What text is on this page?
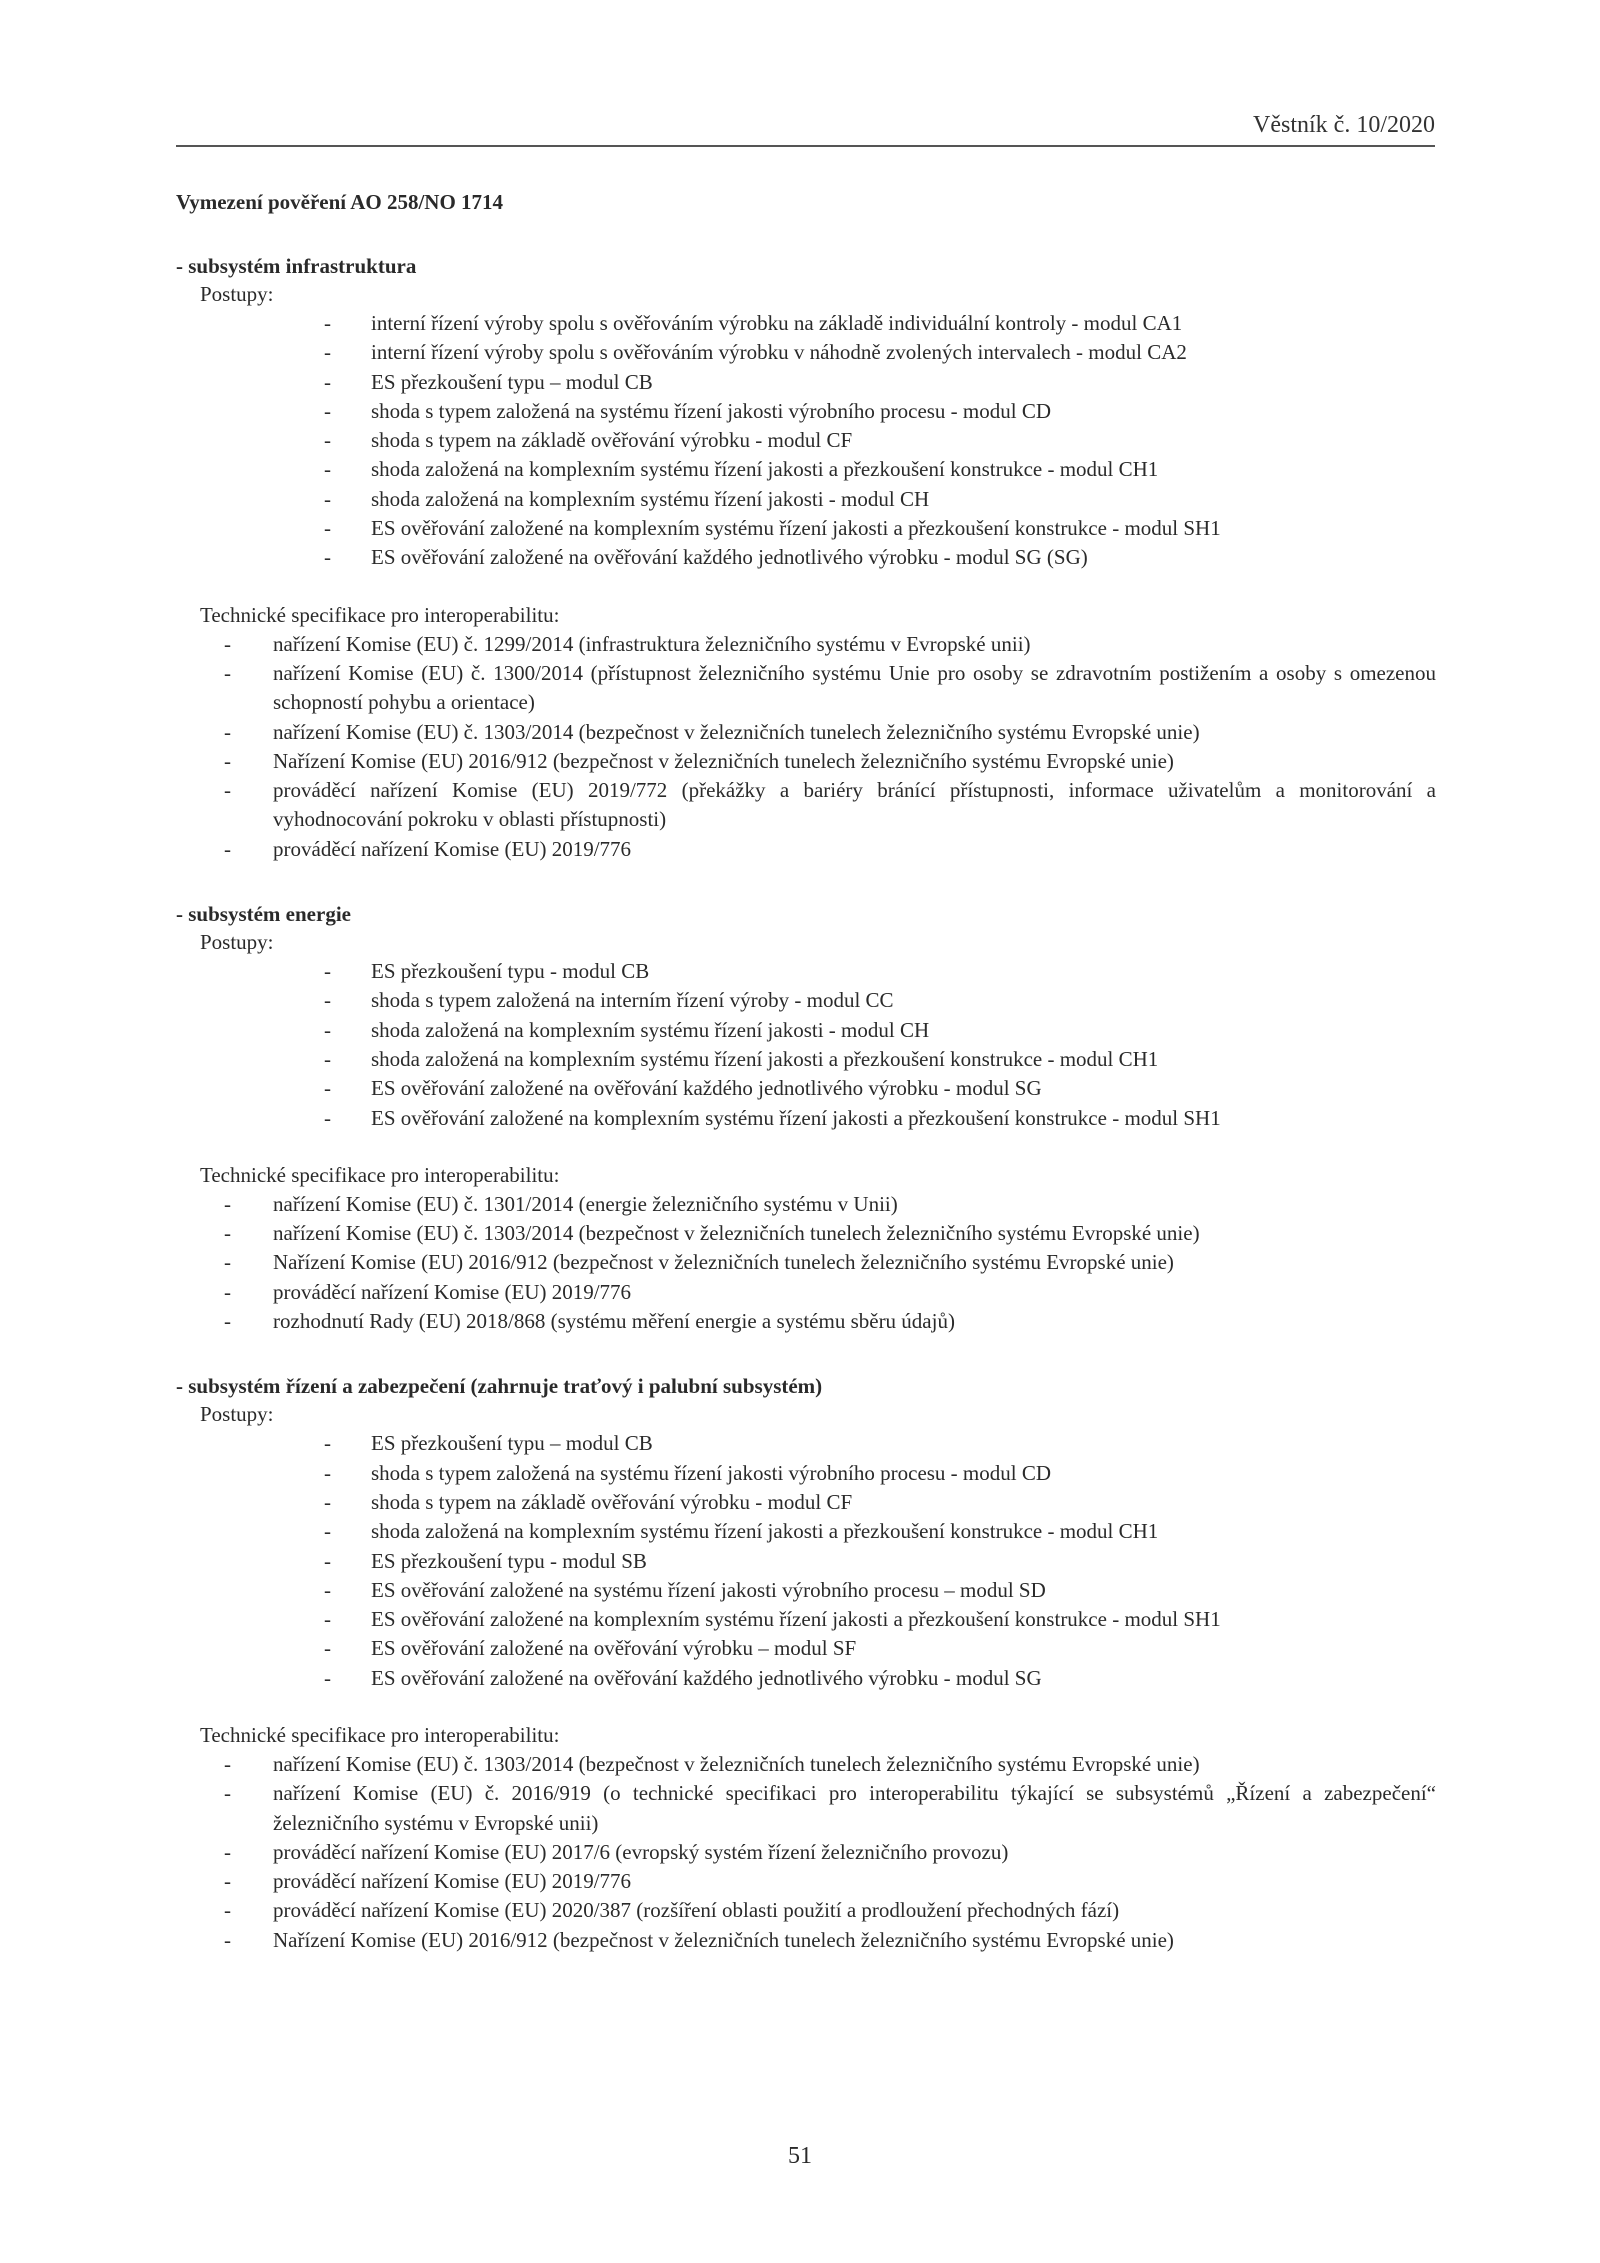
Věstník č. 10/2020
Vymezení pověření AO 258/NO 1714
- subsystém infrastruktura
Postupy:
- interní řízení výroby spolu s ověřováním výrobku na základě individuální kontroly - modul CA1
- interní řízení výroby spolu s ověřováním výrobku v náhodně zvolených intervalech - modul CA2
- ES přezkoušení typu – modul CB
- shoda s typem založená na systému řízení jakosti výrobního procesu - modul CD
- shoda s typem na základě ověřování výrobku - modul CF
- shoda založená na komplexním systému řízení jakosti a přezkoušení konstrukce - modul CH1
- shoda založená na komplexním systému řízení jakosti - modul CH
- ES ověřování založené na komplexním systému řízení jakosti a přezkoušení konstrukce - modul SH1
- ES ověřování založené na ověřování každého jednotlivého výrobku - modul SG (SG)
Technické specifikace pro interoperabilitu:
- nařízení Komise (EU) č. 1299/2014 (infrastruktura železničního systému v Evropské unii)
- nařízení Komise (EU) č. 1300/2014 (přístupnost železničního systému Unie pro osoby se zdravotním postižením a osoby s omezenou schopností pohybu a orientace)
- nařízení Komise (EU) č. 1303/2014 (bezpečnost v železničních tunelech železničního systému Evropské unie)
- Nařízení Komise (EU) 2016/912 (bezpečnost v železničních tunelech železničního systému Evropské unie)
- prováděcí nařízení Komise (EU) 2019/772 (překážky a bariéry bránící přístupnosti, informace uživatelům a monitorování a vyhodnocování pokroku v oblasti přístupnosti)
- prováděcí nařízení Komise (EU) 2019/776
- subsystém energie
Postupy:
- ES přezkoušení typu - modul CB
- shoda s typem založená na interním řízení výroby - modul CC
- shoda založená na komplexním systému řízení jakosti - modul CH
- shoda založená na komplexním systému řízení jakosti a přezkoušení konstrukce - modul CH1
- ES ověřování založené na ověřování každého jednotlivého výrobku - modul SG
- ES ověřování založené na komplexním systému řízení jakosti a přezkoušení konstrukce - modul SH1
Technické specifikace pro interoperabilitu:
- nařízení Komise (EU) č. 1301/2014 (energie železničního systému v Unii)
- nařízení Komise (EU) č. 1303/2014 (bezpečnost v železničních tunelech železničního systému Evropské unie)
- Nařízení Komise (EU) 2016/912 (bezpečnost v železničních tunelech železničního systému Evropské unie)
- prováděcí nařízení Komise (EU) 2019/776
- rozhodnutí Rady (EU) 2018/868 (systému měření energie a systému sběru údajů)
- subsystém řízení a zabezpečení (zahrnuje traťový i palubní subsystém)
Postupy:
- ES přezkoušení typu – modul CB
- shoda s typem založená na systému řízení jakosti výrobního procesu - modul CD
- shoda s typem na základě ověřování výrobku - modul CF
- shoda založená na komplexním systému řízení jakosti a přezkoušení konstrukce - modul CH1
- ES přezkoušení typu - modul SB
- ES ověřování založené na systému řízení jakosti výrobního procesu – modul SD
- ES ověřování založené na komplexním systému řízení jakosti a přezkoušení konstrukce - modul SH1
- ES ověřování založené na ověřování výrobku – modul SF
- ES ověřování založené na ověřování každého jednotlivého výrobku - modul SG
Technické specifikace pro interoperabilitu:
- nařízení Komise (EU) č. 1303/2014 (bezpečnost v železničních tunelech železničního systému Evropské unie)
- nařízení Komise (EU) č. 2016/919 (o technické specifikaci pro interoperabilitu týkající se subsystémů „Řízení a zabezpečení“ železničního systému v Evropské unii)
- prováděcí nařízení Komise (EU) 2017/6 (evropský systém řízení železničního provozu)
- prováděcí nařízení Komise (EU) 2019/776
- prováděcí nařízení Komise (EU) 2020/387 (rozšíření oblasti použití a prodloužení přechodných fází)
- Nařízení Komise (EU) 2016/912 (bezpečnost v železničních tunelech železničního systému Evropské unie)
51
